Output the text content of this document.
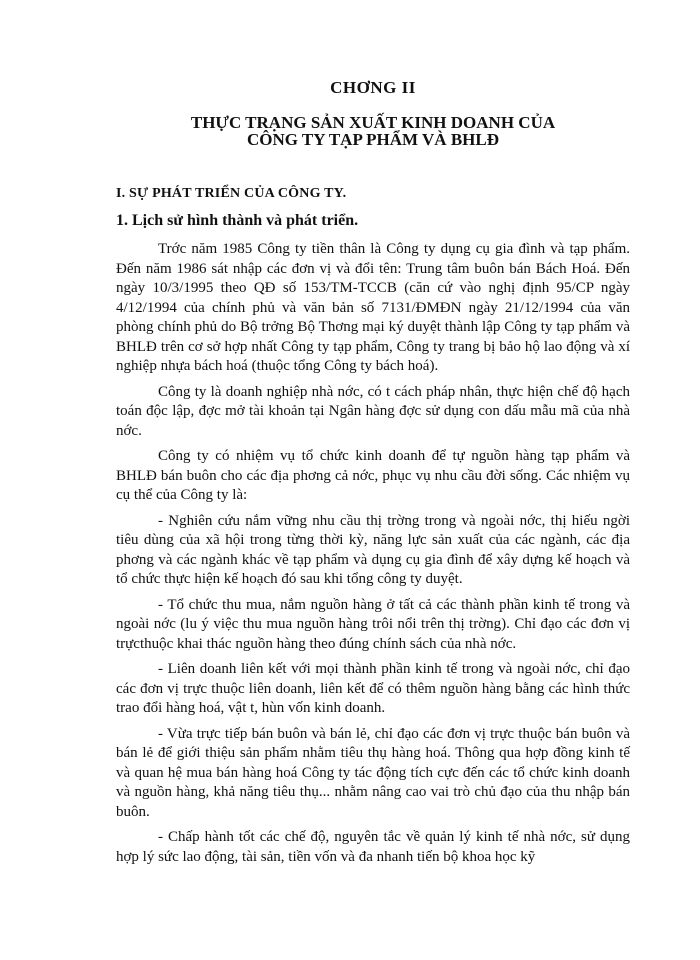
CHƠNG II
THỰC TRẠNG SẢN XUẤT KINH DOANH CỦA
CÔNG TY TẠP PHẨM VÀ BHLĐ
I. SỰ PHÁT TRIỂN CỦA CÔNG TY.
1. Lịch sử hình thành và phát triển.

Trớc năm 1985 Công ty tiền thân là Công ty dụng cụ gia đình và tạp phẩm. Đến năm 1986 sát nhập các đơn vị và đổi tên: Trung tâm buôn bán Bách Hoá. Đến ngày 10/3/1995 theo QĐ số 153/TM-TCCB (căn cứ vào nghị định 95/CP ngày 4/12/1994 của chính phủ và văn bản số 7131/ĐMĐN ngày 21/12/1994 của văn phòng chính phủ do Bộ trởng Bộ Thơng mại ký duyệt thành lập Công ty tạp phẩm và BHLĐ trên cơ sở hợp nhất Công ty tạp phẩm, Công ty trang bị bảo hộ lao động và xí nghiệp nhựa bách hoá (thuộc tổng Công ty bách hoá).

Công ty là doanh nghiệp nhà nớc, có t cách pháp nhân, thực hiện chế độ hạch toán độc lập, đợc mở tài khoản tại Ngân hàng đợc sử dụng con dấu mẫu mã của nhà nớc.

Công ty có nhiệm vụ tổ chức kinh doanh để tự nguồn hàng tạp phẩm và BHLĐ bán buôn cho các địa phơng cả nớc, phục vụ nhu cầu đời sống. Các nhiệm vụ cụ thể của Công ty là:

- Nghiên cứu nắm vững nhu cầu thị trờng trong và ngoài nớc, thị hiếu ngời tiêu dùng của xã hội trong từng thời kỳ, năng lực sản xuất của các ngành, các địa phơng và các ngành khác về tạp phẩm và dụng cụ gia đình để xây dựng kế hoạch và tổ chức thực hiện kế hoạch đó sau khi tổng công ty duyệt.

- Tổ chức thu mua, nắm nguồn hàng ở tất cả các thành phần kinh tế trong và ngoài nớc (lu ý việc thu mua nguồn hàng trôi nổi trên thị trờng). Chỉ đạo các đơn vị trựcthuộc khai thác nguồn hàng theo đúng chính sách của nhà nớc.

- Liên doanh liên kết với mọi thành phần kinh tế trong và ngoài nớc, chỉ đạo các đơn vị trực thuộc liên doanh, liên kết để có thêm nguồn hàng bằng các hình thức trao đổi hàng hoá, vật t, hùn vốn kinh doanh.

- Vừa trực tiếp bán buôn và bán lẻ, chỉ đạo các đơn vị trực thuộc bán buôn và bán lẻ để giới thiệu sản phẩm nhằm tiêu thụ hàng hoá. Thông qua hợp đồng kinh tế và quan hệ mua bán hàng hoá Công ty tác động tích cực đến các tổ chức kinh doanh và nguồn hàng, khả năng tiêu thụ... nhằm nâng cao vai trò chủ đạo của thu nhập bán buôn.

- Chấp hành tốt các chế độ, nguyên tắc về quản lý kinh tế nhà nớc, sử dụng hợp lý sức lao động, tài sản, tiền vốn và đa nhanh tiến bộ khoa học kỹ
